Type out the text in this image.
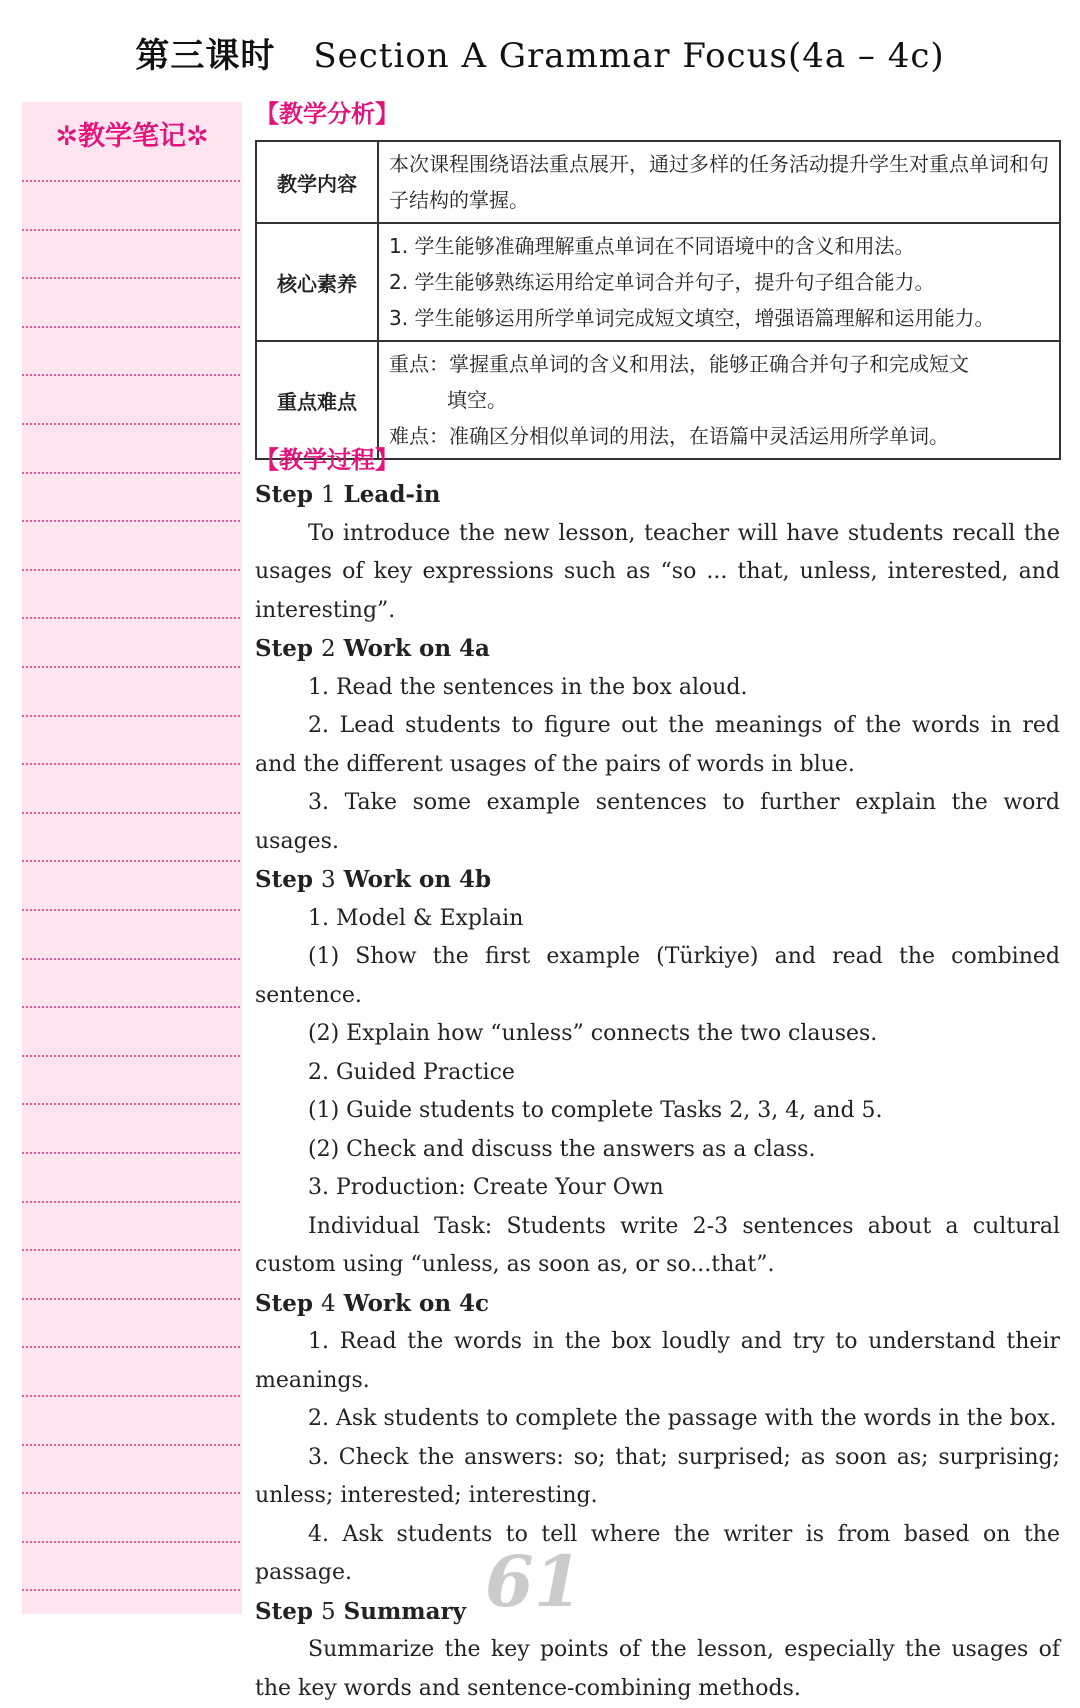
第三课时 Section A Grammar Focus(4a – 4c)
✲教学笔记✲
【教学分析】
教学内容	本次课程围绕语法重点展开，通过多样的任务活动提升学生对重点单词和句子结构的掌握。

核心素养	1. 学生能够准确理解重点单词在不同语境中的含义和用法。
2. 学生能够熟练运用给定单词合并句子，提升句子组合能力。
3. 学生能够运用所学单词完成短文填空，增强语篇理解和运用能力。

重点难点	重点：掌握重点单词的含义和用法，能够正确合并句子和完成短文
填空。
难点：准确区分相似单词的用法，在语篇中灵活运用所学单词。
【教学过程】
Step 1 Lead-in
To introduce the new lesson, teacher will have students recall the usages of key expressions such as “so ... that, unless, interested, and interesting”.
Step 2 Work on 4a
1. Read the sentences in the box aloud.
2. Lead students to figure out the meanings of the words in red and the different usages of the pairs of words in blue.
3. Take some example sentences to further explain the word usages.
Step 3 Work on 4b
1. Model & Explain
(1) Show the first example (Türkiye) and read the combined sentence.
(2) Explain how “unless” connects the two clauses.
2. Guided Practice
(1) Guide students to complete Tasks 2, 3, 4, and 5.
(2) Check and discuss the answers as a class.
3. Production: Create Your Own
Individual Task: Students write 2-3 sentences about a cultural custom using “unless, as soon as, or so...that”.
Step 4 Work on 4c
1. Read the words in the box loudly and try to understand their meanings.
2. Ask students to complete the passage with the words in the box.
3. Check the answers: so; that; surprised; as soon as; surprising; unless; interested; interesting.
4. Ask students to tell where the writer is from based on the passage.
Step 5 Summary
Summarize the key points of the lesson, especially the usages of the key words and sentence-combining methods.
61
